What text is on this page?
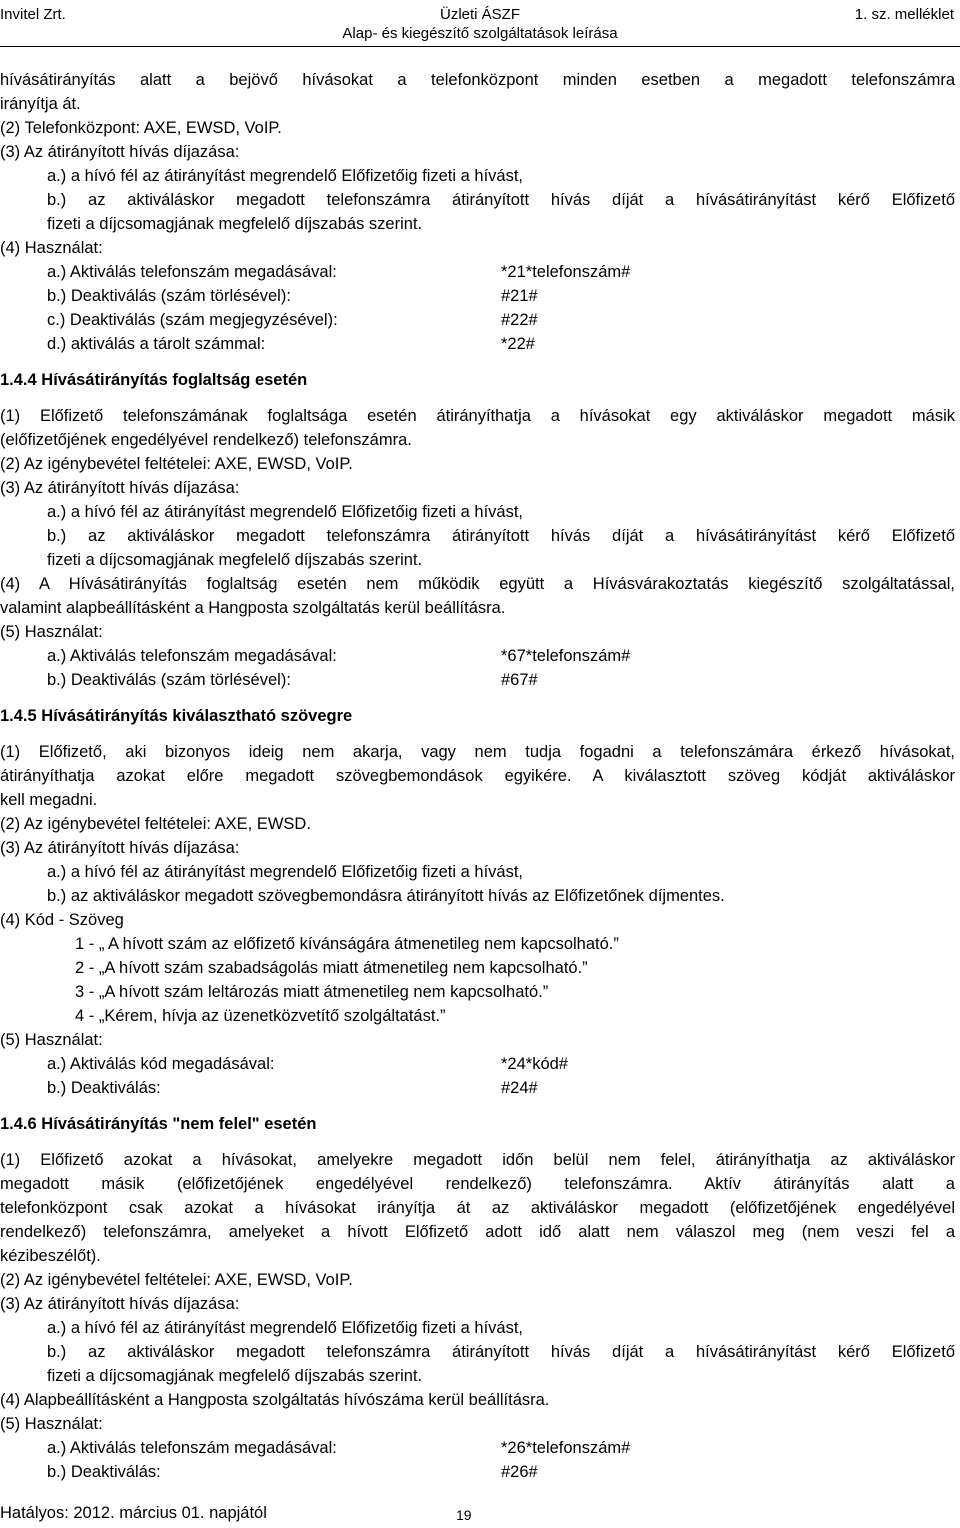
Invitel Zrt.	Üzleti ÁSZF
Alap- és kiegészítő szolgáltatások leírása
1. sz. melléklet
hívásátirányítás alatt a bejövő hívásokat a telefonközpont minden esetben a megadott telefonszámra
irányítja át.
(2) Telefonközpont: AXE, EWSD, VoIP.
(3) Az átirányított hívás díjazása:
a.) a hívó fél az átirányítást megrendelő Előfizetőig fizeti a hívást,
b.) az aktiváláskor megadott telefonszámra átirányított hívás díját a hívásátirányítást kérő Előfizető
fizeti a díjcsomagjának megfelelő díjszabás szerint.
(4) Használat:
a.) Aktiválás telefonszám megadásával:	*21*telefonszám#
b.) Deaktiválás (szám törlésével):	#21#
c.) Deaktiválás (szám megjegyzésével):	#22#
d.) aktiválás a tárolt számmal:	*22#
1.4.4 Hívásátirányítás foglaltság esetén
(1) Előfizető telefonszámának foglaltsága esetén átirányíthatja a hívásokat egy aktiváláskor megadott másik
(előfizetőjének engedélyével rendelkező) telefonszámra.
(2) Az igénybevétel feltételei: AXE, EWSD, VoIP.
(3) Az átirányított hívás díjazása:
a.) a hívó fél az átirányítást megrendelő Előfizetőig fizeti a hívást,
b.) az aktiváláskor megadott telefonszámra átirányított hívás díját a hívásátirányítást kérő Előfizető
fizeti a díjcsomagjának megfelelő díjszabás szerint.
(4) A Hívásátirányítás foglaltság esetén nem működik együtt a Hívásvárakoztatás kiegészítő szolgáltatással,
valamint alapbeállításként a Hangposta szolgáltatás kerül beállításra.
(5) Használat:
a.) Aktiválás telefonszám megadásával:	*67*telefonszám#
b.) Deaktiválás (szám törlésével):	#67#
1.4.5 Hívásátirányítás kiválasztható szövegre
(1) Előfizető, aki bizonyos ideig nem akarja, vagy nem tudja fogadni a telefonszámára érkező hívásokat,
átirányíthatja azokat előre megadott szövegbemondások egyikére. A kiválasztott szöveg kódját aktiváláskor
kell megadni.
(2) Az igénybevétel feltételei: AXE, EWSD.
(3) Az átirányított hívás díjazása:
a.) a hívó fél az átirányítást megrendelő Előfizetőig fizeti a hívást,
b.) az aktiváláskor megadott szövegbemondásra átirányított hívás az Előfizetőnek díjmentes.
(4) Kód - Szöveg
1 - „ A hívott szám az előfizető kívánságára átmenetileg nem kapcsolható.”
2 - „A hívott szám szabadságolás miatt átmenetileg nem kapcsolható.”
3 - „A hívott szám leltározás miatt átmenetileg nem kapcsolható.”
4 - „Kérem, hívja az üzenetközvetítő szolgáltatást.”
(5) Használat:
a.) Aktiválás kód megadásával:	*24*kód#
b.) Deaktiválás:	#24#
1.4.6 Hívásátirányítás "nem felel" esetén
(1) Előfizető azokat a hívásokat, amelyekre megadott időn belül nem felel, átirányíthatja az aktiváláskor
megadott másik (előfizetőjének engedélyével rendelkező) telefonszámra. Aktív átirányítás alatt a
telefonközpont csak azokat a hívásokat irányítja át az aktiváláskor megadott (előfizetőjének engedélyével
rendelkező) telefonszámra, amelyeket a hívott Előfizető adott idő alatt nem válaszol meg (nem veszi fel a
kézibeszélőt).
(2) Az igénybevétel feltételei: AXE, EWSD, VoIP.
(3) Az átirányított hívás díjazása:
a.) a hívó fél az átirányítást megrendelő Előfizetőig fizeti a hívást,
b.) az aktiváláskor megadott telefonszámra átirányított hívás díját a hívásátirányítást kérő Előfizető
fizeti a díjcsomagjának megfelelő díjszabás szerint.
(4) Alapbeállításként a Hangposta szolgáltatás hívószáma kerül beállításra.
(5) Használat:
a.) Aktiválás telefonszám megadásával:	*26*telefonszám#
b.) Deaktiválás:	#26#
Hatályos: 2012. március 01. napjától	19
